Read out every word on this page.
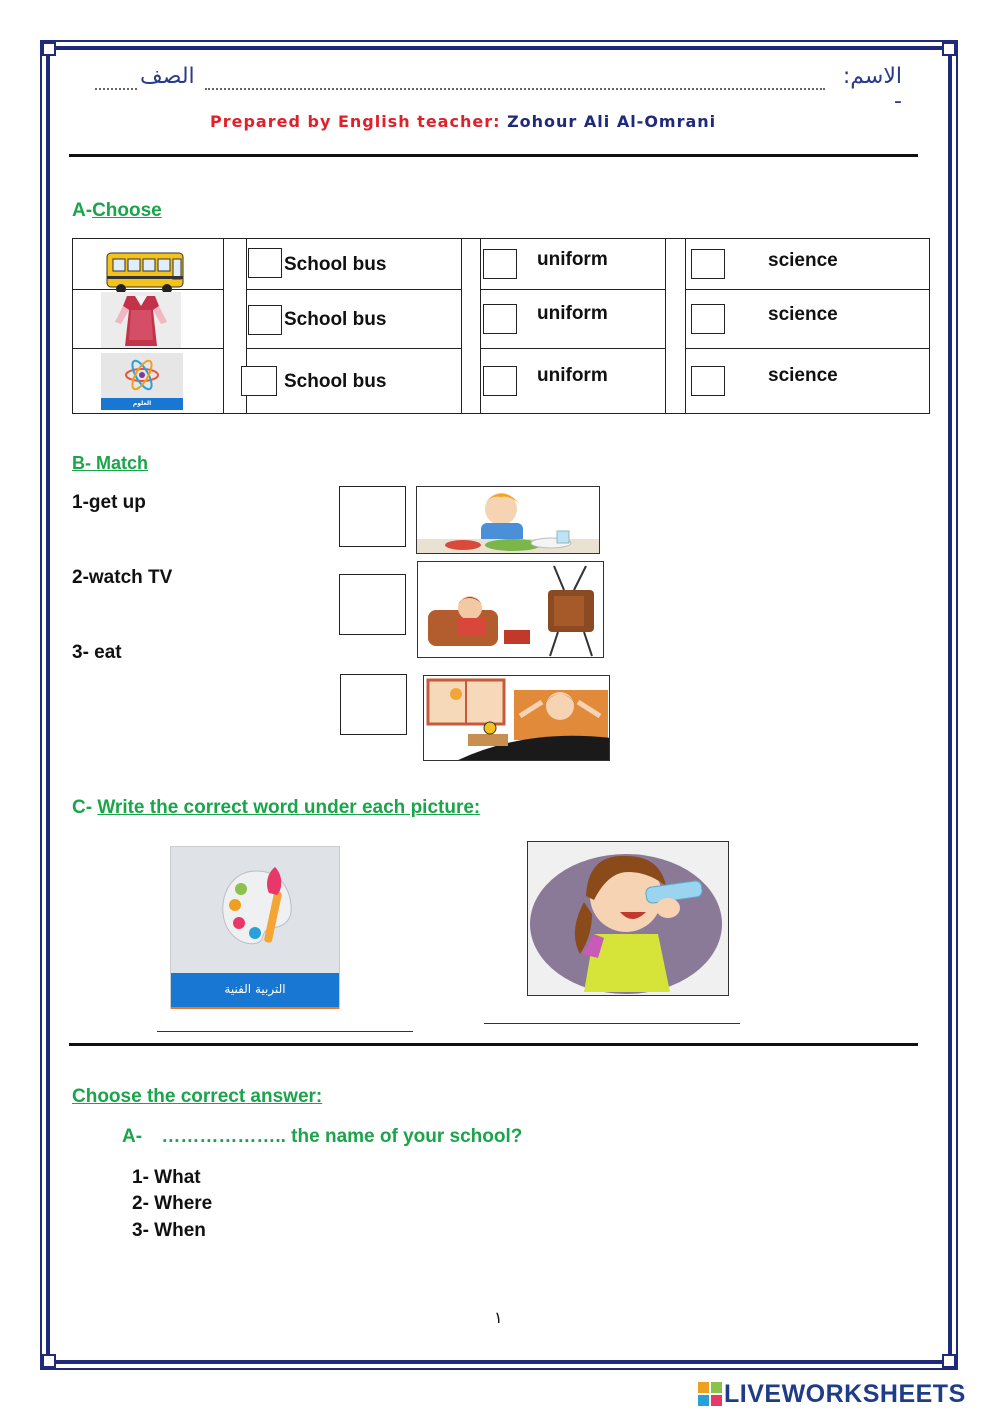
الصف	الاسم: -
Prepared by English teacher: Zohour Ali Al-Omrani
A-Choose

School bus		uniform		science

School bus		uniform		science

العلوم		School bus		uniform		science
B- Match
1-get up
2-watch TV
3- eat
C- Write the correct word under each picture:
التربية الفنية
Choose the correct answer:
A- ……………….. the name of your school?
1- What
2- Where
3- When
١
LIVEWORKSHEETS
